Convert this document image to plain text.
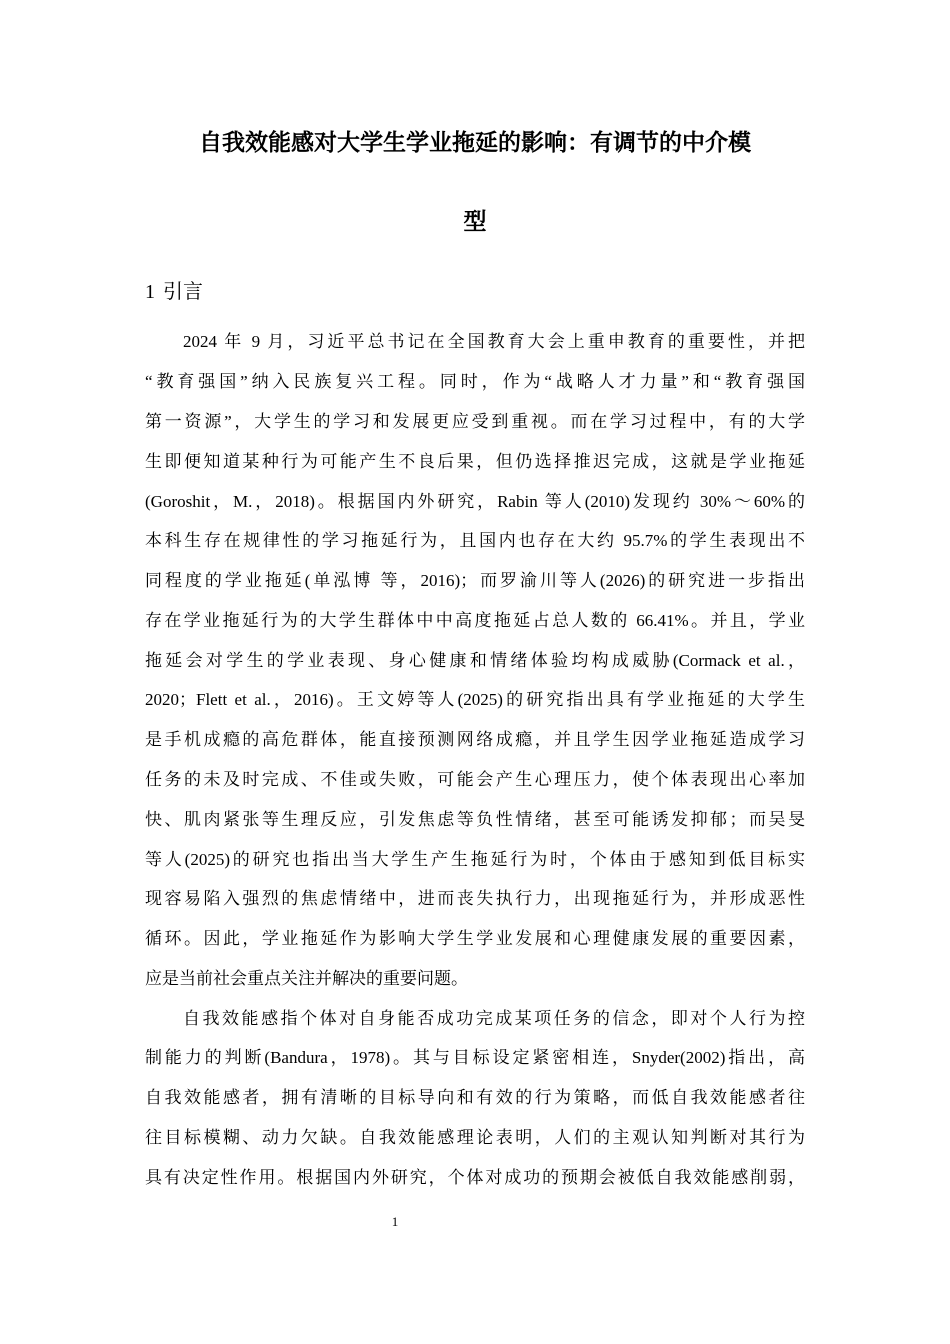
自我效能感对大学生学业拖延的影响：有调节的中介模
型
1 引言
2024 年 9 月，习近平总书记在全国教育大会上重申教育的重要性，并把
“教育强国”纳入民族复兴工程。同时，作为“战略人才力量”和“教育强国
第一资源”，大学生的学习和发展更应受到重视。而在学习过程中，有的大学
生即便知道某种行为可能产生不良后果，但仍选择推迟完成，这就是学业拖延
(Goroshit，M.，2018)。根据国内外研究，Rabin 等人(2010)发现约 30%～60%的
本科生存在规律性的学习拖延行为，且国内也存在大约 95.7%的学生表现出不
同程度的学业拖延(单泓博 等，2016)；而罗渝川等人(2026)的研究进一步指出
存在学业拖延行为的大学生群体中中高度拖延占总人数的 66.41%。并且，学业
拖延会对学生的学业表现、身心健康和情绪体验均构成威胁(Cormack et al.，
2020；Flett et al.，2016)。王文婷等人(2025)的研究指出具有学业拖延的大学生
是手机成瘾的高危群体，能直接预测网络成瘾，并且学生因学业拖延造成学习
任务的未及时完成、不佳或失败，可能会产生心理压力，使个体表现出心率加
快、肌肉紧张等生理反应，引发焦虑等负性情绪，甚至可能诱发抑郁；而吴旻
等人(2025)的研究也指出当大学生产生拖延行为时，个体由于感知到低目标实
现容易陷入强烈的焦虑情绪中，进而丧失执行力，出现拖延行为，并形成恶性
循环。因此，学业拖延作为影响大学生学业发展和心理健康发展的重要因素，
应是当前社会重点关注并解决的重要问题。
自我效能感指个体对自身能否成功完成某项任务的信念，即对个人行为控
制能力的判断(Bandura，1978)。其与目标设定紧密相连，Snyder(2002)指出，高
自我效能感者，拥有清晰的目标导向和有效的行为策略，而低自我效能感者往
往目标模糊、动力欠缺。自我效能感理论表明，人们的主观认知判断对其行为
具有决定性作用。根据国内外研究，个体对成功的预期会被低自我效能感削弱，
1
